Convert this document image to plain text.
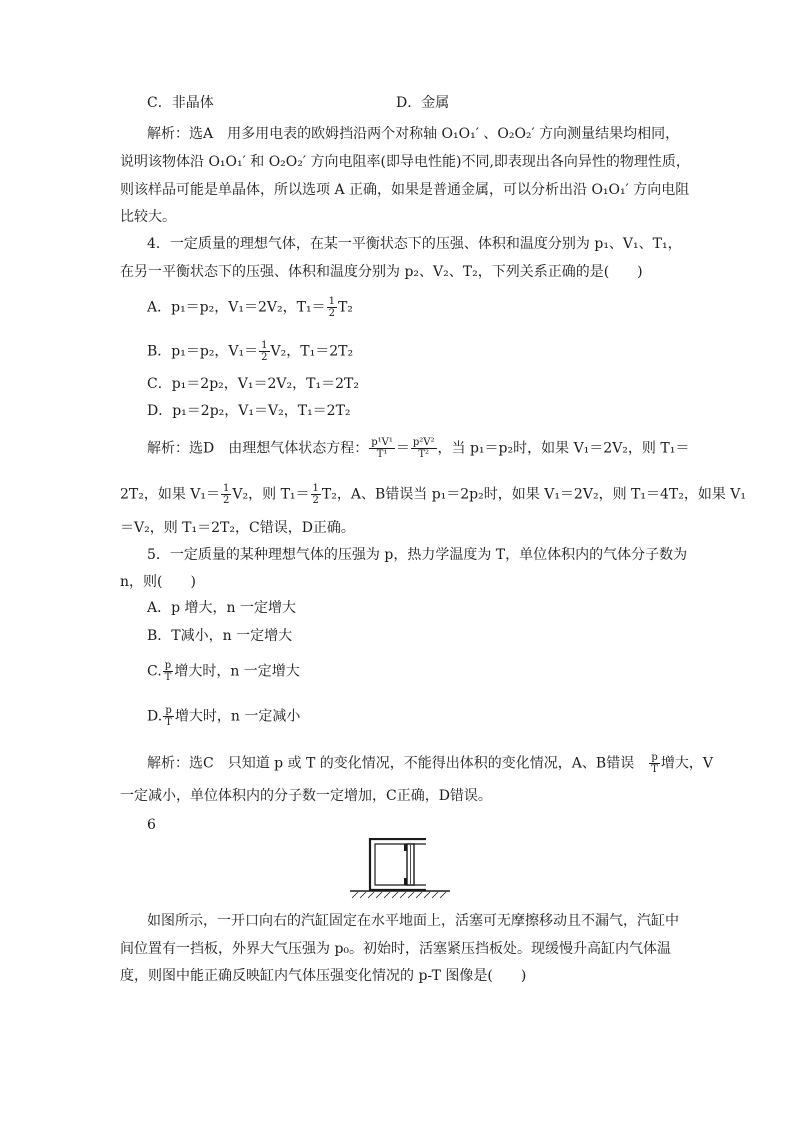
C．非晶体	D．金属
解析：选A　用多用电表的欧姆挡沿两个对称轴 O₁O₁′ 、O₂O₂′ 方向测量结果均相同，
说明该物体沿 O₁O₁′ 和 O₂O₂′ 方向电阻率(即导电性能)不同,即表现出各向异性的物理性质，
则该样品可能是单晶体，所以选项 A 正确，如果是普通金属，可以分析出沿 O₁O₁′ 方向电阻
比较大。
4．一定质量的理想气体，在某一平衡状态下的压强、体积和温度分别为 p₁、V₁、T₁，
在另一平衡状态下的压强、体积和温度分别为 p₂、V₂、T₂，下列关系正确的是(　　)
A．p₁＝p₂，V₁＝2V₂，$T_1= \frac{1}{2} T_2$
B．p₁＝p₂，$V_1= \frac{1}{2} V_2$，T₁＝2T₂
C．p₁＝2p₂，V₁＝2V₂，T₁＝2T₂
D．p₁＝2p₂，V₁＝V₂，T₁＝2T₂
解析：选D　由理想气体状态方程： $\frac{\text{p¹V¹}}{\text{T¹}} = \frac{\text{p²V²}}{\text{T²}}$ ，当 p₁＝p₂时，如果 V₁＝2V₂，则 T₁＝
2T₂，如果 $V_1= \frac{1}{2} V_2$，则 $T_1= \frac{1}{2} T_2$，A、B错误当 p₁＝2p₂时，如果 V₁＝2V₂，则 T₁＝4T₂，如果 V₁
＝V₂，则 T₁＝2T₂，C错误，D正确。
5．一定质量的某种理想气体的压强为 p，热力学温度为 T，单位体积内的气体分子数为
n，则(　　)
A．p 增大，n 一定增大
B．T减小，n 一定增大
C. $\frac{p}{T}$ 增大时，n 一定增大
D. $\frac{p}{T}$ 增大时，n 一定减小
解析：选C　只知道 p 或 T 的变化情况，不能得出体积的变化情况，A、B错误　 $\frac{p}{T}$ 增大，V
一定减小，单位体积内的分子数一定增加，C正确，D错误。
6
如图所示，一开口向右的汽缸固定在水平地面上，活塞可无摩擦移动且不漏气，汽缸中
间位置有一挡板，外界大气压强为 p₀。初始时，活塞紧压挡板处。现缓慢升高缸内气体温
度，则图中能正确反映缸内气体压强变化情况的 p-T 图像是(　　)
